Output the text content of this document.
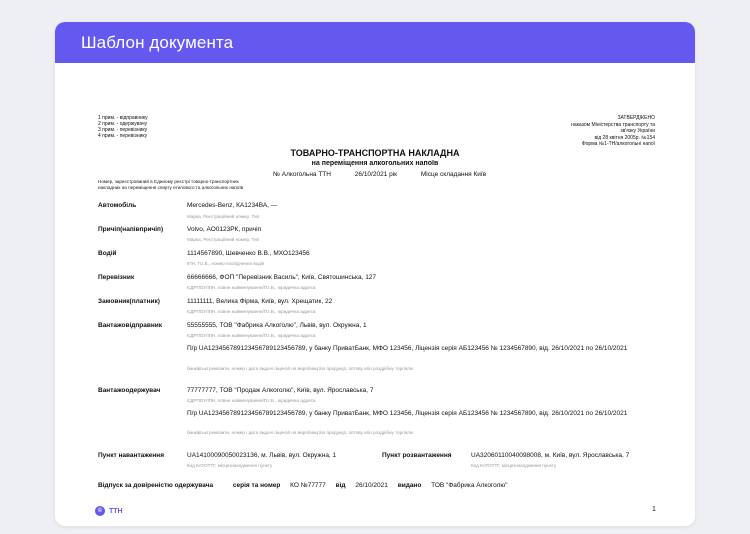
Шаблон документа
1 прим. - відправнику
2 прим. - одержувачу
3 прим. - перевізнику
4 прим. - перевізнику
ЗАТВЕРДЖЕНО
наказом Міністерства транспорту та
зв'язку України
від 28 квітня 2005р. №154
Форма №1-ТН/алкогольні напої
ТОВАРНО-ТРАНСПОРТНА НАКЛАДНА
на переміщення алкогольних напоїв
№ Алкогольна ТТН	26/10/2021 рік	Місце складання Київ
Номер, зареєстрований в Єдиному реєстрі товарно-транспортних
накладних на переміщення спирту етилового та алкогольних напоїв
Автомобіль	Mercedes-Benz, КА1234ВА, —
Марка, Реєстраційний номер, Тип
Причіп(напівпричіп)	Volvo, АО0123РК, причіп
Марка, Реєстраційний номер, Тип
Водій	1114567890, Шевченко В.В., МХО123456
ІПН, П.І.Б., номер посвідчення водія
Перевізник	66666666, ФОП "Перевізник Василь", Київ, Святошинська, 127
ЄДРПОУ/ІПН, повне найменування/П.І.Б., юридична адреса
Замовник(платник)	11111111, Велика Фірма, Київ, вул. Хрещатик, 22
ЄДРПОУ/ІПН, повне найменування/П.І.Б., юридична адреса
Вантажовідправник	55555555, ТОВ "Фабрика Алкоголю", Львів, вул. Окружна, 1
ЄДРПОУ/ІПН, повне найменування/П.І.Б., юридична адреса
П/р UA123456789123456789123456789, у банку ПриватБанк, МФО 123456, Ліцензія серія АБ123456 № 1234567890, від. 26/10/2021 по 26/10/2021
банківські реквізити, номер і дата видачі ліцензії на виробництво продукції, оптову або роздрібну торгівлю
Вантажоодержувач	77777777, ТОВ "Продаж Алкоголю", Київ, вул. Ярославська, 7
ЄДРПОУ/ІПН, повне найменування/П.І.Б., юридична адреса
П/р UA123456789123456789123456789, у банку ПриватБанк, МФО 123456, Ліцензія серія АБ123456 № 1234567890, від. 26/10/2021 по 26/10/2021
банківські реквізити, номер і дата видачі ліцензії на виробництво продукції, оптову або роздрібну торгівлю
Пункт навантаження	UA14100090050023136, м. Львів, вул. Окружна, 1
Код КАТОТТГ, місцезнаходження пункту
Пункт розвантаження	UA32060110040098008, м. Київ, вул. Ярославська, 7
Код КАТОТТГ, місцезнаходження пункту
Відпуск за довіреністю одержувача	серія та номер КО №77777 від 26/10/2021 видано ТОВ "Фабрика Алкоголю"
© ТТН	1
